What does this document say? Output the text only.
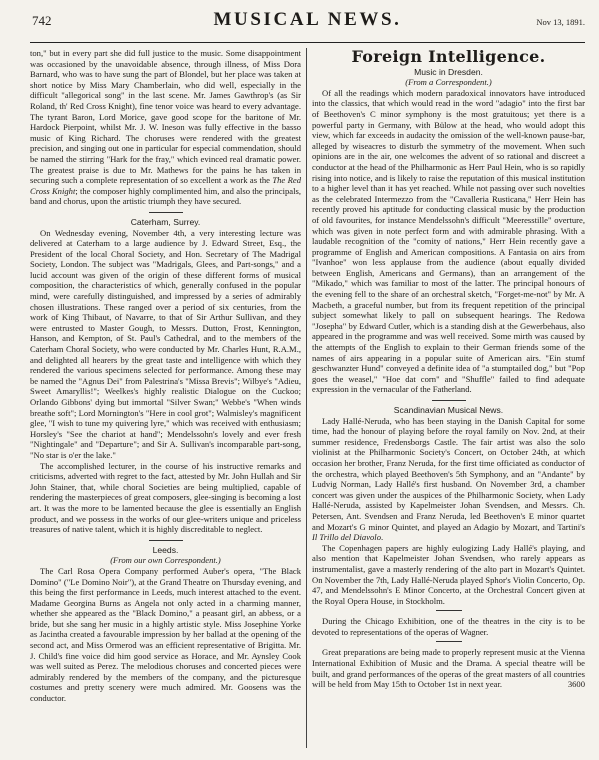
742	MUSICAL NEWS.	Nov 13, 1891.

ton," but in every part she did full justice to the music. Some disappointment was occasioned by the unavoidable absence, through illness, of Miss Dora Barnard, who was to have sung the part of Blondel, but her place was taken at short notice by Miss Mary Chamberlain, who did well, especially in the difficult "allegorical song" in the last scene. Mr. James Gawthrop's (as Sir Roland, th' Red Cross Knight), fine tenor voice was heard to every advantage. The tyrant Baron, Lord Morice, gave good scope for the baritone of Mr. Hardock Pierpoint, whilst Mr. J. W. Ineson was fully effective in the basso music of King Richard. The choruses were rendered with the greatest precision, and singing out one in particular for especial commendation, should be named the stirring "Hark for the fray," which evinced real dramatic power. The greatest praise is due to Mr. Mathews for the pains he has taken in securing such a complete representation of so excellent a work as the The Red Cross Knight; the composer highly complimented him, and also the principals, band and chorus, upon the artistic triumph they have secured.

Caterham, Surrey.

On Wednesday evening, November 4th, a very interesting lecture was delivered at Caterham to a large audience by J. Edward Street, Esq., the President of the local Choral Society, and Hon. Secretary of The Madrigal Society, London. The subject was "Madrigals, Glees, and Part-songs," and a lucid account was given of the origin of these different forms of musical composition, the characteristics of which, generally confused in the popular mind, were carefully distinguished, and impressed by a series of admirably chosen illustrations. These ranged over a period of six centuries, from the work of King Thibaut, of Navarre, to that of Sir Arthur Sullivan, and they were entrusted to Master Gough, to Messrs. Dutton, Frost, Kennington, Hanson, and Kempton, of St. Paul's Cathedral, and to the members of the Caterham Choral Society, who were conducted by Mr. Charles Hunt, R.A.M., and delighted all hearers by the great taste and intelligence with which they rendered the various specimens selected for performance. Among these may be named the "Agnus Dei" from Palestrina's "Missa Brevis"; Wilbye's "Adieu, Sweet Amaryllis!"; Weelkes's highly realistic Dialogue on the Cuckoo; Orlando Gibbons' dying but immortal "Silver Swan;" Webbe's "When winds breathe soft"; Lord Mornington's "Here in cool grot"; Walmisley's magnificent glee, "I wish to tune my quivering lyre," which was received with enthusiasm; Horsley's "See the chariot at hand"; Mendelssohn's lovely and ever fresh "Nightingale" and "Departure"; and Sir A. Sullivan's incomparable part-song, "No star is o'er the lake."

The accomplished lecturer, in the course of his instructive remarks and criticisms, adverted with regret to the fact, attested by Mr. John Hullah and Sir John Stainer, that, while choral Societies are being multiplied, capable of rendering the masterpieces of great composers, glee-singing is becoming a lost art. It was the more to be lamented because the glee is essentially an English product, and we possess in the works of our glee-writers unique and priceless treasures of native talent, which it is highly discreditable to neglect.

Leeds.
(From our own Correspondent.)

The Carl Rosa Opera Company performed Auber's opera, "The Black Domino" ("Le Domino Noir"), at the Grand Theatre on Thursday evening, and this being the first performance in Leeds, much interest attached to the event. Madame Georgina Burns as Angela not only acted in a charming manner, whether she appeared as the "Black Domino," a peasant girl, an abbess, or a bride, but she sang her music in a highly artistic style. Miss Josephine Yorke as Jacintha created a favourable impression by her ballad at the opening of the second act, and Miss Ormerod was an efficient representative of Brigitta. Mr. J. Child's fine voice did him good service as Horace, and Mr. Aynsley Cook was well suited as Perez. The melodious choruses and concerted pieces were admirably rendered by the members of the company, and the picturesque costumes and pretty scenery were much admired. Mr. Goosens was the conductor.

Foreign Intelligence.
Music in Dresden.
(From a Correspondent.)

Of all the readings which modern paradoxical innovators have introduced into the classics, that which would read in the word "adagio" into the first bar of Beethoven's C minor symphony is the most gratuitous; yet there is a powerful party in Germany, with Bülow at the head, who would adopt this view, which far exceeds in audacity the omission of the well-known pause-bar, alleged by wiseacres to disturb the symmetry of the movement. When such opinions are in the air, one welcomes the advent of so rational and discreet a conductor at the head of the Philharmonic as Herr Paul Hein, who is so rapidly rising into notice, and is likely to raise the reputation of this musical institution to a higher level than it has yet reached. While not passing over such novelties as the celebrated Intermezzo from the "Cavalleria Rusticana," Herr Hein has recently proved his aptitude for conducting classical music by the production of old favourites, for instance Mendelssohn's difficult "Meeresstille" overture, which was given in note perfect form and with admirable phrasing. With a laudable recognition of the "comity of nations," Herr Hein recently gave a programme of English and American compositions. A Fantasia on airs from "Ivanhoe" won less applause from the audience (about equally divided between English, Americans and Germans), than an arrangement of the "Mikado," which was familiar to most of the latter. The principal honours of the evening fell to the share of an orchestral sketch, "Forget-me-not" by Mr. A Macbeth, a graceful number, but from its frequent repetition of the principal subject somewhat likely to pall on subsequent hearings. The Redowa "Josepha" by Edward Cutler, which is a standing dish at the Gewerbehaus, also appeared in the programme and was well received. Some mirth was caused by the attempts of the English to explain to their German friends some of the names of airs appearing in a popular suite of American airs. "Ein stumf geschwanzter Hund" conveyed a definite idea of "a stumptailed dog," but "Pop goes the weasel," "Hoe dat corn" and "Shuffle" failed to find adequate expression in the vernacular of the Fatherland.

Scandinavian Musical News.

Lady Hallé-Neruda, who has been staying in the Danish Capital for some time, had the honour of playing before the royal family on Nov. 2nd, at their summer residence, Fredensborgs Castle. The fair artist was also the solo violinist at the Philharmonic Society's Concert, on October 24th, at which occasion her brother, Franz Neruda, for the first time officiated as conductor of the orchestra, which played Beethoven's 5th Symphony, and an "Andante" by Ludvig Norman, Lady Hallé's first husband. On November 3rd, a chamber concert was given under the auspices of the Philharmonic Society, when Lady Hallé-Neruda, assisted by Kapelmeister Johan Svendsen, and Messrs. Ch. Petersen, Ant. Svendsen and Franz Neruda, led Beethoven's E minor quartet and Mozart's G minor Quintet, and played an Adagio by Mozart, and Tartini's Il Trillo del Diavolo.

The Copenhagen papers are highly eulogizing Lady Hallé's playing, and also mention that Kapelmeister Johan Svendsen, who rarely appears as instrumentalist, gave a masterly rendering of the alto part in Mozart's Quintet. On November the 7th, Lady Hallé-Neruda played Sphor's Violin Concerto, Op. 47, and Mendelssohn's E Minor Concerto, at the Orchestral Concert given at the Royal Opera House, in Stockholm.

During the Chicago Exhibition, one of the theatres in the city is to be devoted to representations of the operas of Wagner.

Great preparations are being made to properly represent music at the Vienna International Exhibition of Music and the Drama. A special theatre will be built, and grand performances of the operas of the great masters of all countries will be held from May 15th to October 1st in next year.	3600
